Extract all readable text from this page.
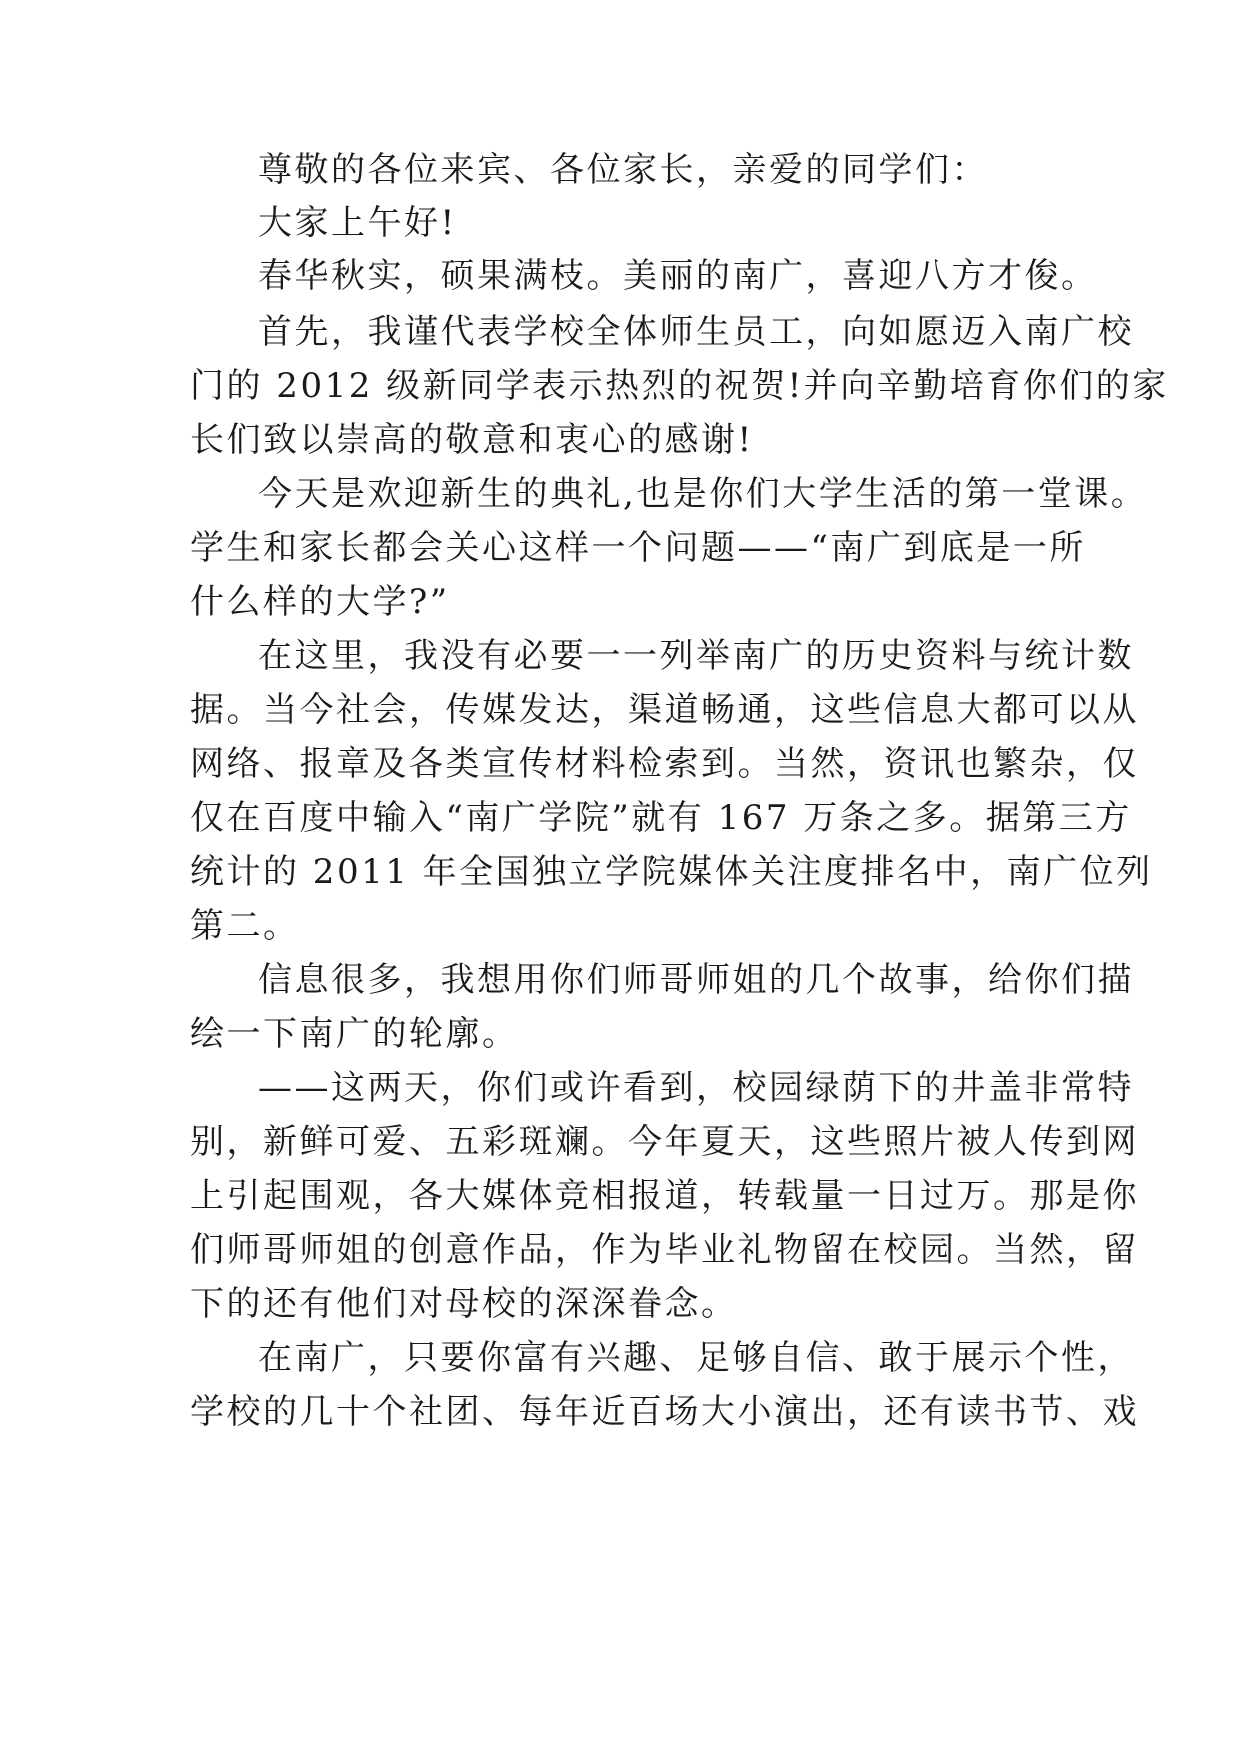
尊敬的各位来宾、各位家长，亲爱的同学们：
大家上午好!
春华秋实，硕果满枝。美丽的南广，喜迎八方才俊。
首先，我谨代表学校全体师生员工，向如愿迈入南广校
门的 2012 级新同学表示热烈的祝贺!并向辛勤培育你们的家
长们致以崇高的敬意和衷心的感谢!
今天是欢迎新生的典礼,也是你们大学生活的第一堂课。
学生和家长都会关心这样一个问题——“南广到底是一所
什么样的大学?”
在这里，我没有必要一一列举南广的历史资料与统计数
据。当今社会，传媒发达，渠道畅通，这些信息大都可以从
网络、报章及各类宣传材料检索到。当然，资讯也繁杂，仅
仅在百度中输入“南广学院”就有 167 万条之多。据第三方
统计的 2011 年全国独立学院媒体关注度排名中，南广位列
第二。
信息很多，我想用你们师哥师姐的几个故事，给你们描
绘一下南广的轮廓。
——这两天，你们或许看到，校园绿荫下的井盖非常特
别，新鲜可爱、五彩斑斓。今年夏天，这些照片被人传到网
上引起围观，各大媒体竞相报道，转载量一日过万。那是你
们师哥师姐的创意作品，作为毕业礼物留在校园。当然，留
下的还有他们对母校的深深眷念。
在南广，只要你富有兴趣、足够自信、敢于展示个性，
学校的几十个社团、每年近百场大小演出，还有读书节、戏
